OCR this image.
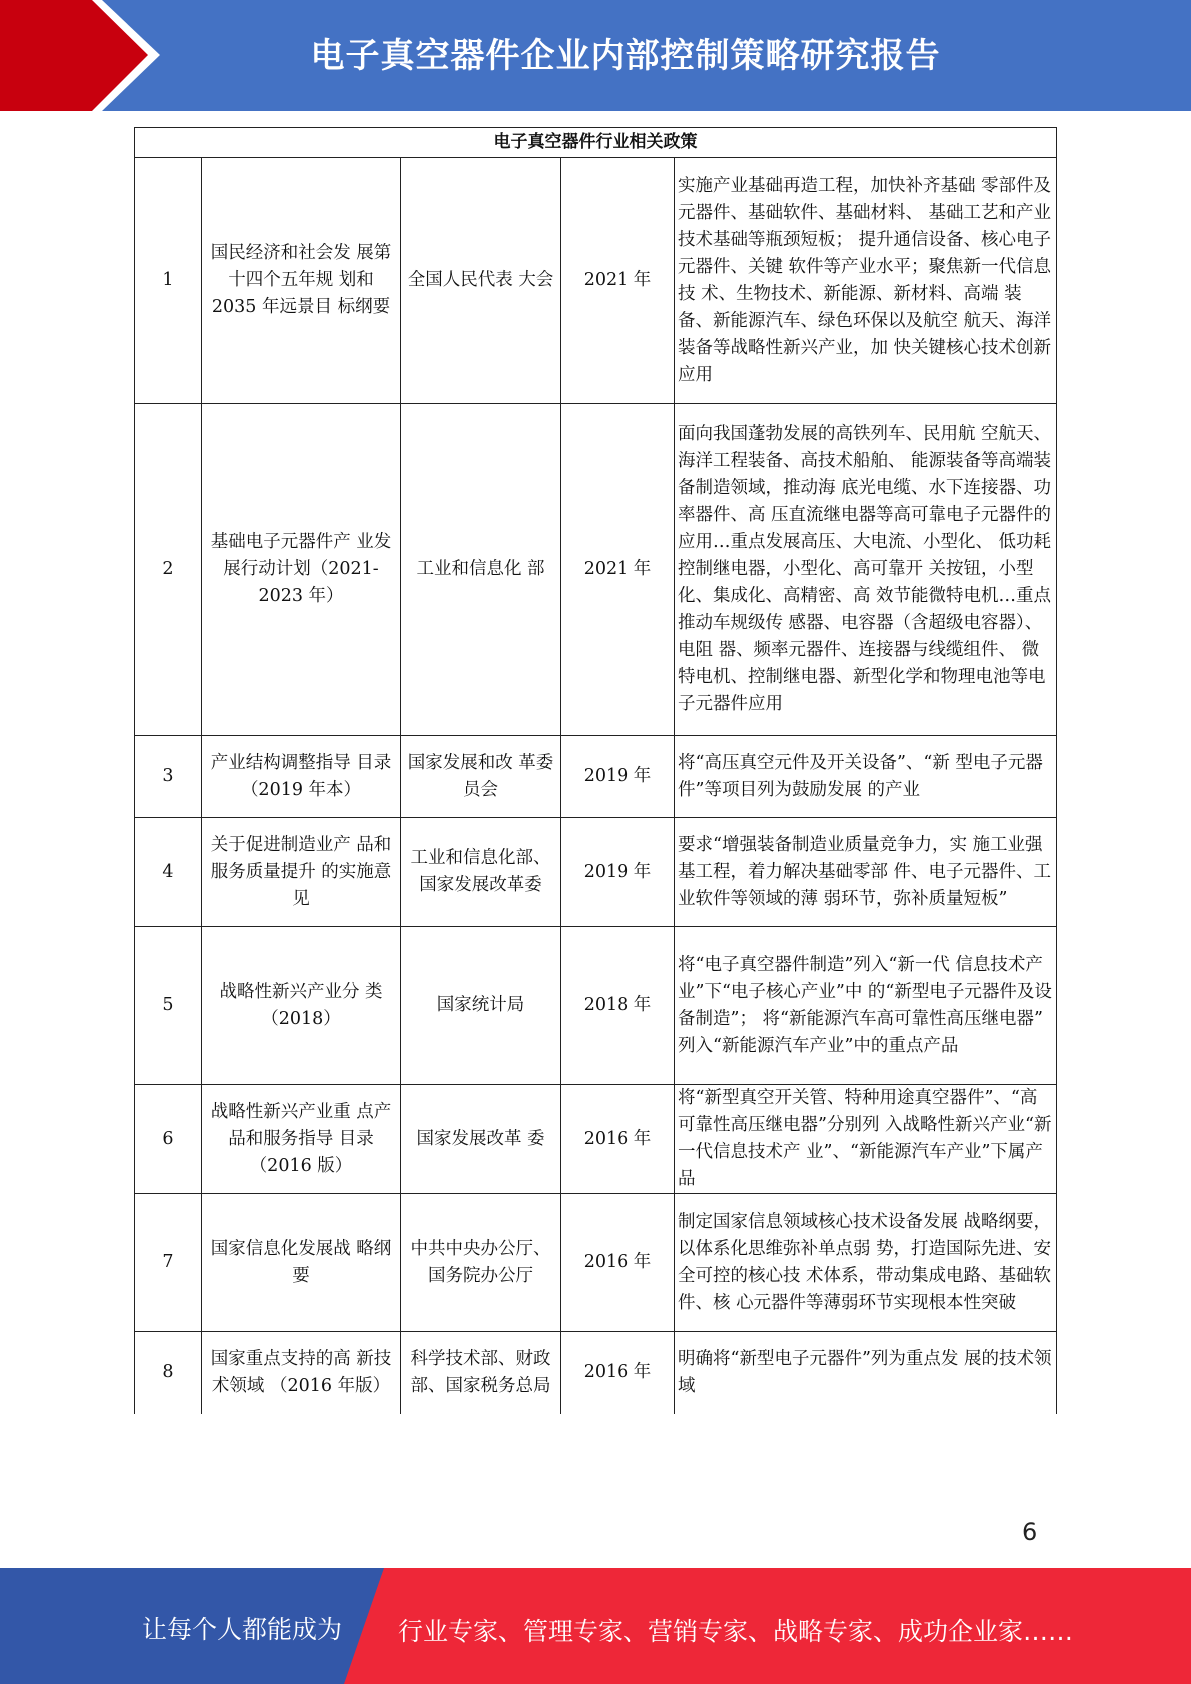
电子真空器件企业内部控制策略研究报告
电子真空器件行业相关政策				
1	国民经济和社会发 展第十四个五年规 划和 2035 年远景目 标纲要	全国人民代表 大会	2021 年	实施产业基础再造工程，加快补齐基础 零部件及元器件、基础软件、基础材料、 基础工艺和产业技术基础等瓶颈短板； 提升通信设备、核心电子元器件、关键 软件等产业水平；聚焦新一代信息技 术、生物技术、新能源、新材料、高端 装备、新能源汽车、绿色环保以及航空 航天、海洋装备等战略性新兴产业，加 快关键核心技术创新应用
2	基础电子元器件产 业发展行动计划（2021-2023 年）	工业和信息化 部	2021 年	面向我国蓬勃发展的高铁列车、民用航 空航天、海洋工程装备、高技术船舶、 能源装备等高端装备制造领域，推动海 底光电缆、水下连接器、功率器件、高 压直流继电器等高可靠电子元器件的 应用…重点发展高压、大电流、小型化、 低功耗控制继电器，小型化、高可靠开 关按钮，小型化、集成化、高精密、高 效节能微特电机…重点推动车规级传 感器、电容器（含超级电容器）、电阻 器、频率元器件、连接器与线缆组件、 微特电机、控制继电器、新型化学和物理电池等电子元器件应用
3	产业结构调整指导 目录（2019 年本）	国家发展和改 革委员会	2019 年	将“高压真空元件及开关设备”、“新 型电子元器件”等项目列为鼓励发展 的产业
4	关于促进制造业产 品和服务质量提升 的实施意见	工业和信息化部、国家发展改革委	2019 年	要求“增强装备制造业质量竞争力，实 施工业强基工程，着力解决基础零部 件、电子元器件、工业软件等领域的薄 弱环节，弥补质量短板”
5	战略性新兴产业分 类（2018）	国家统计局	2018 年	将“电子真空器件制造”列入“新一代 信息技术产业”下“电子核心产业”中 的“新型电子元器件及设备制造”； 将“新能源汽车高可靠性高压继电器” 列入“新能源汽车产业”中的重点产品
6	战略性新兴产业重 点产品和服务指导 目录（2016 版）	国家发展改革 委	2016 年	将“新型真空开关管、特种用途真空器件”、“高可靠性高压继电器”分别列 入战略性新兴产业“新一代信息技术产 业”、“新能源汽车产业”下属产品
7	国家信息化发展战 略纲要	中共中央办公厅、国务院办公厅	2016 年	制定国家信息领域核心技术设备发展 战略纲要，以体系化思维弥补单点弱 势，打造国际先进、安全可控的核心技 术体系，带动集成电路、基础软件、核 心元器件等薄弱环节实现根本性突破
8	国家重点支持的高 新技术领域 （2016 年版）	科学技术部、财政部、国家税务总局	2016 年	明确将“新型电子元器件”列为重点发 展的技术领域
6
让每个人都能成为 行业专家、管理专家、营销专家、战略专家、成功企业家……
